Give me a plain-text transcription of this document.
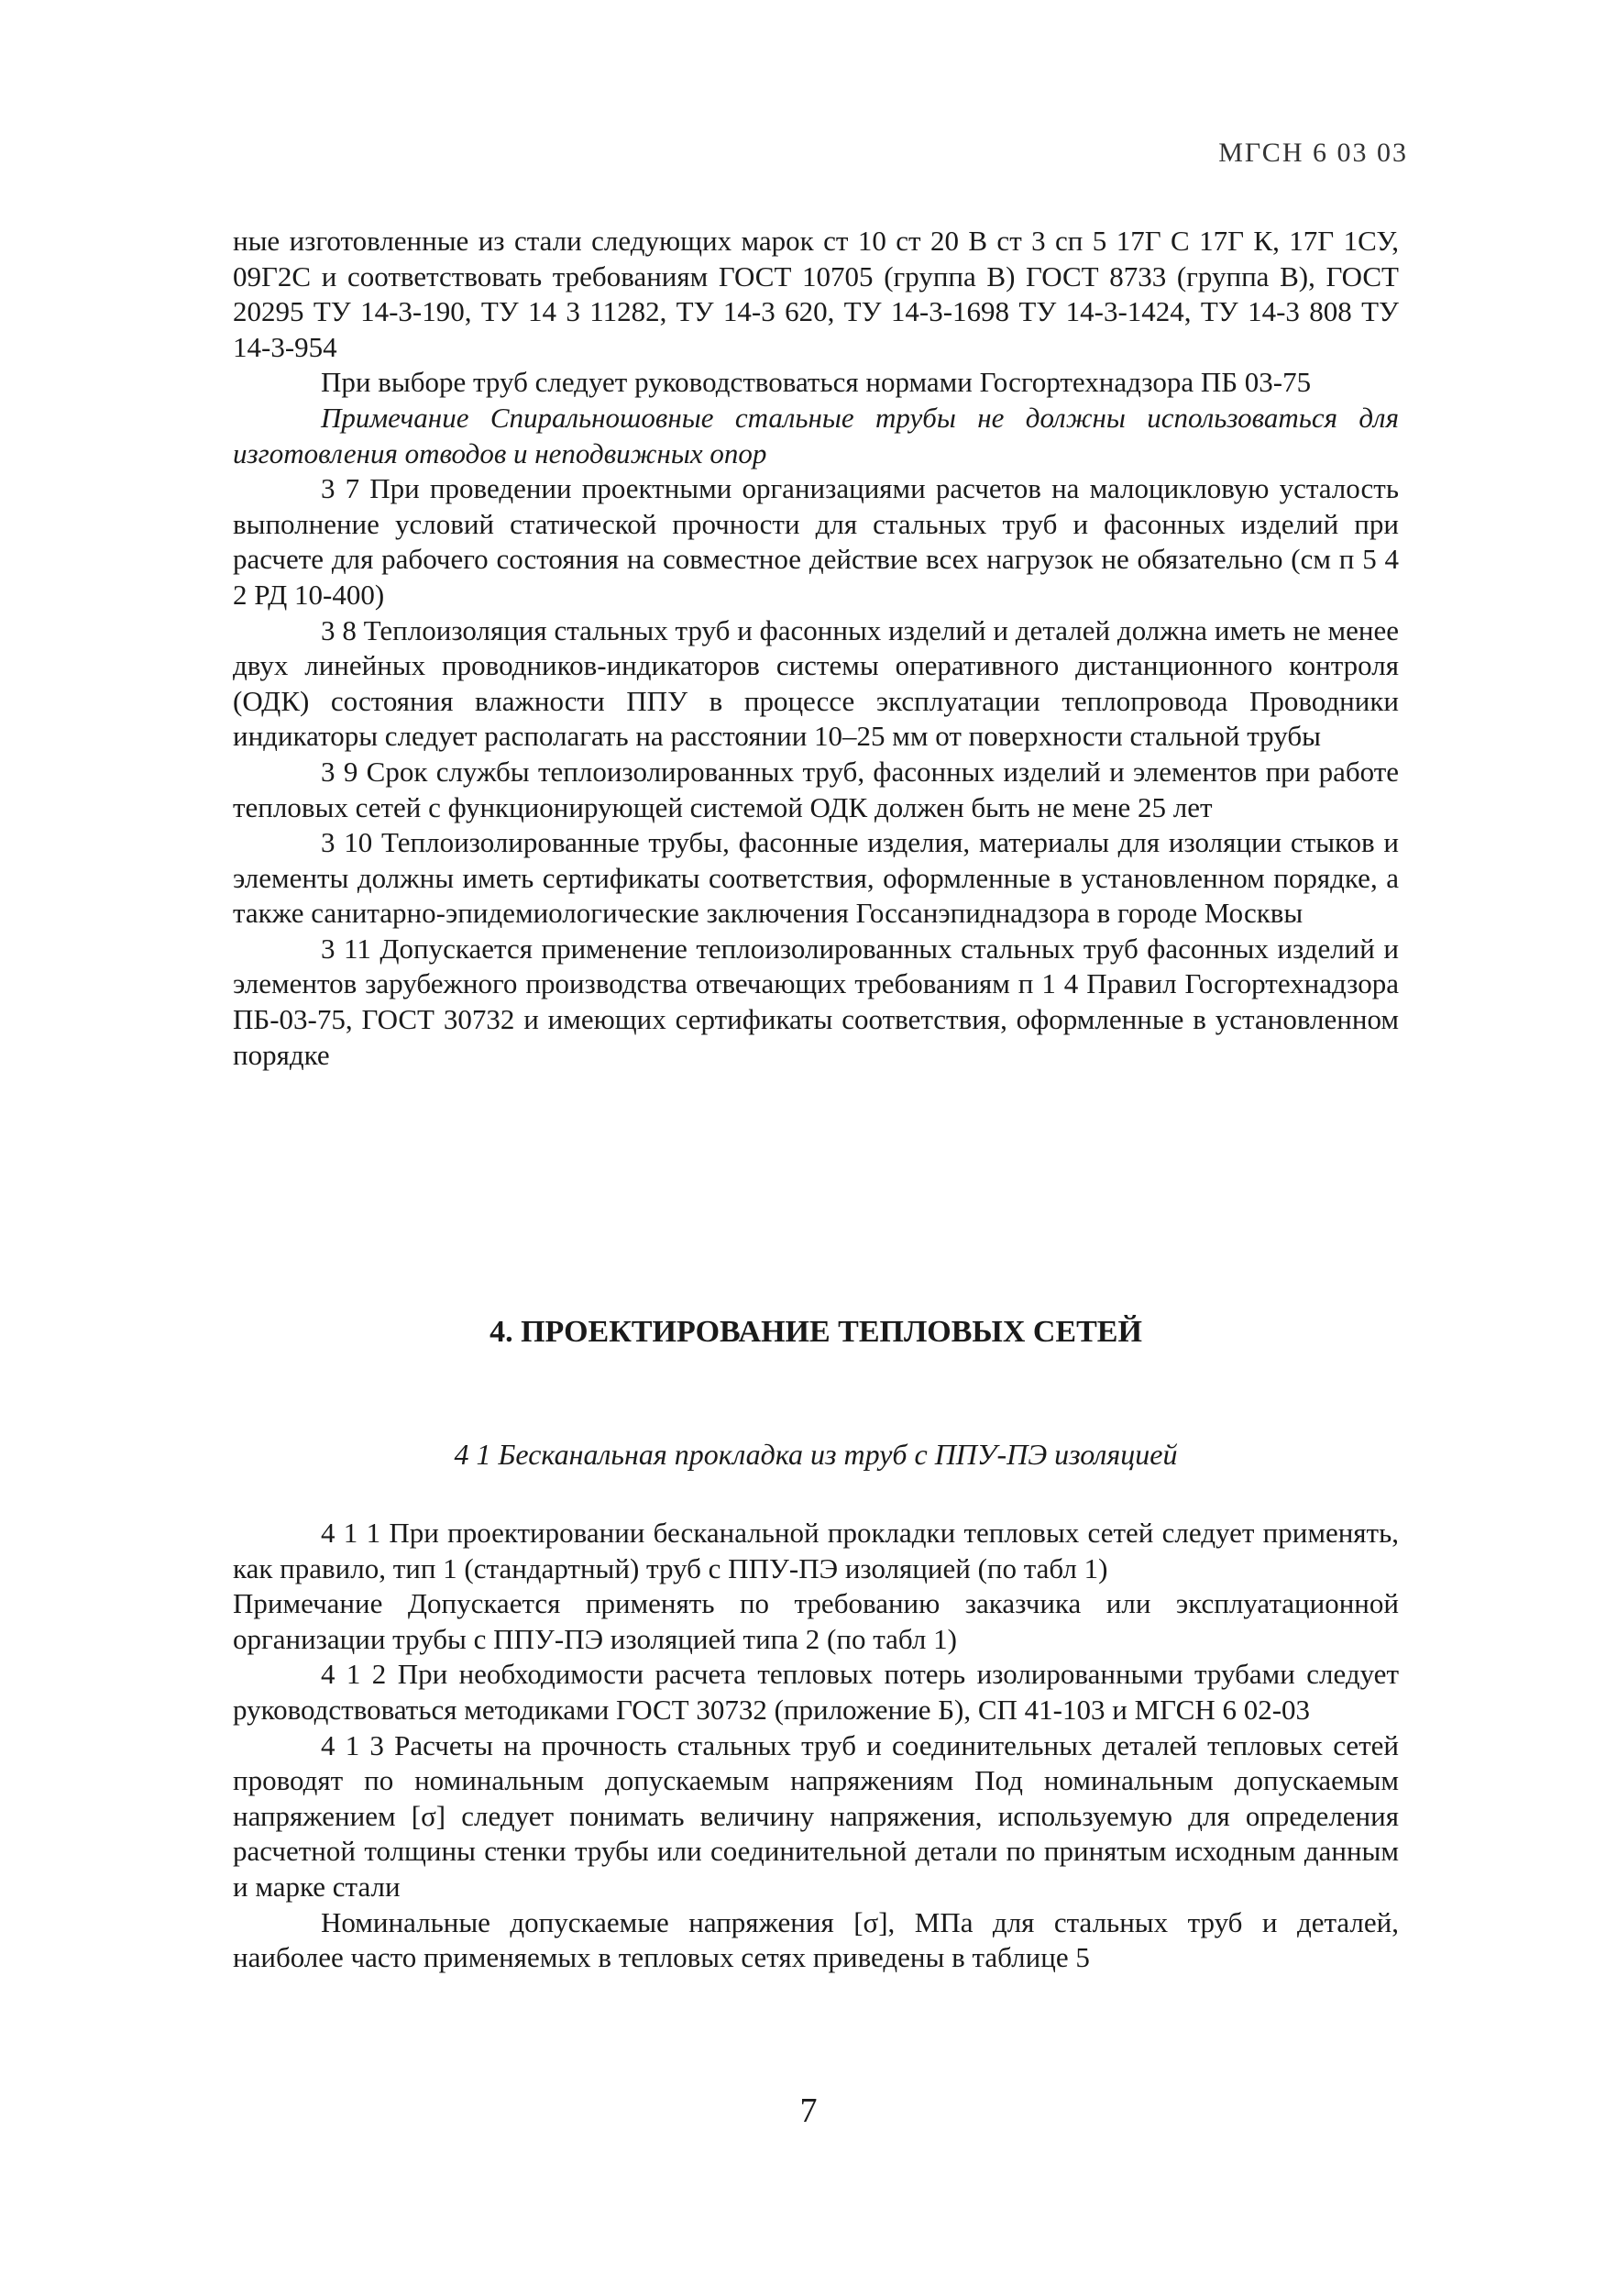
МГСН 6 03 03

ные изготовленные из стали следующих марок ст 10 ст 20 В ст 3 сп 5 17Г С 17Г К, 17Г 1СУ, 09Г2С и соответствовать требованиям ГОСТ 10705 (группа В) ГОСТ 8733 (группа В), ГОСТ 20295 ТУ 14-3-190, ТУ 14 3 11282, ТУ 14-3 620, ТУ 14-3-1698 ТУ 14-3-1424, ТУ 14-3 808 ТУ 14-3-954

При выборе труб следует руководствоваться нормами Госгортехнадзора ПБ 03-75

Примечание Спиральношовные стальные трубы не должны использоваться для изготовления отводов и неподвижных опор

3 7 При проведении проектными организациями расчетов на малоцикловую усталость выполнение условий статической прочности для стальных труб и фасонных изделий при расчете для рабочего состояния на совместное действие всех нагрузок не обязательно (см п 5 4 2 РД 10-400)

3 8 Теплоизоляция стальных труб и фасонных изделий и деталей должна иметь не менее двух линейных проводников-индикаторов системы оперативного дистанционного контроля (ОДК) состояния влажности ППУ в процессе эксплуатации теплопровода Проводники индикаторы следует располагать на расстоянии 10–25 мм от поверхности стальной трубы

3 9 Срок службы теплоизолированных труб, фасонных изделий и элементов при работе тепловых сетей с функционирующей системой ОДК должен быть не мене 25 лет

3 10 Теплоизолированные трубы, фасонные изделия, материалы для изоляции стыков и элементы должны иметь сертификаты соответствия, оформленные в установленном порядке, а также санитарно-эпидемиологические заключения Госсанэпиднадзора в городе Москвы

3 11 Допускается применение теплоизолированных стальных труб фасонных изделий и элементов зарубежного производства отвечающих требованиям п 1 4 Правил Госгортехнадзора ПБ-03-75, ГОСТ 30732 и имеющих сертификаты соответствия, оформленные в установленном порядке

4. ПРОЕКТИРОВАНИЕ ТЕПЛОВЫХ СЕТЕЙ
4 1 Бесканальная прокладка из труб с ППУ-ПЭ изоляцией

4 1 1 При проектировании бесканальной прокладки тепловых сетей следует применять, как правило, тип 1 (стандартный) труб с ППУ-ПЭ изоляцией (по табл 1)

Примечание Допускается применять по требованию заказчика или эксплуатационной организации трубы с ППУ-ПЭ изоляцией типа 2 (по табл 1)

4 1 2 При необходимости расчета тепловых потерь изолированными трубами следует руководствоваться методиками ГОСТ 30732 (приложение Б), СП 41-103 и МГСН 6 02-03

4 1 3 Расчеты на прочность стальных труб и соединительных деталей тепловых сетей проводят по номинальным допускаемым напряжениям Под номинальным допускаемым напряжением [σ] следует понимать величину напряжения, используемую для определения расчетной толщины стенки трубы или соединительной детали по принятым исходным данным и марке стали

Номинальные допускаемые напряжения [σ], МПа для стальных труб и деталей, наиболее часто применяемых в тепловых сетях приведены в таблице 5

7
